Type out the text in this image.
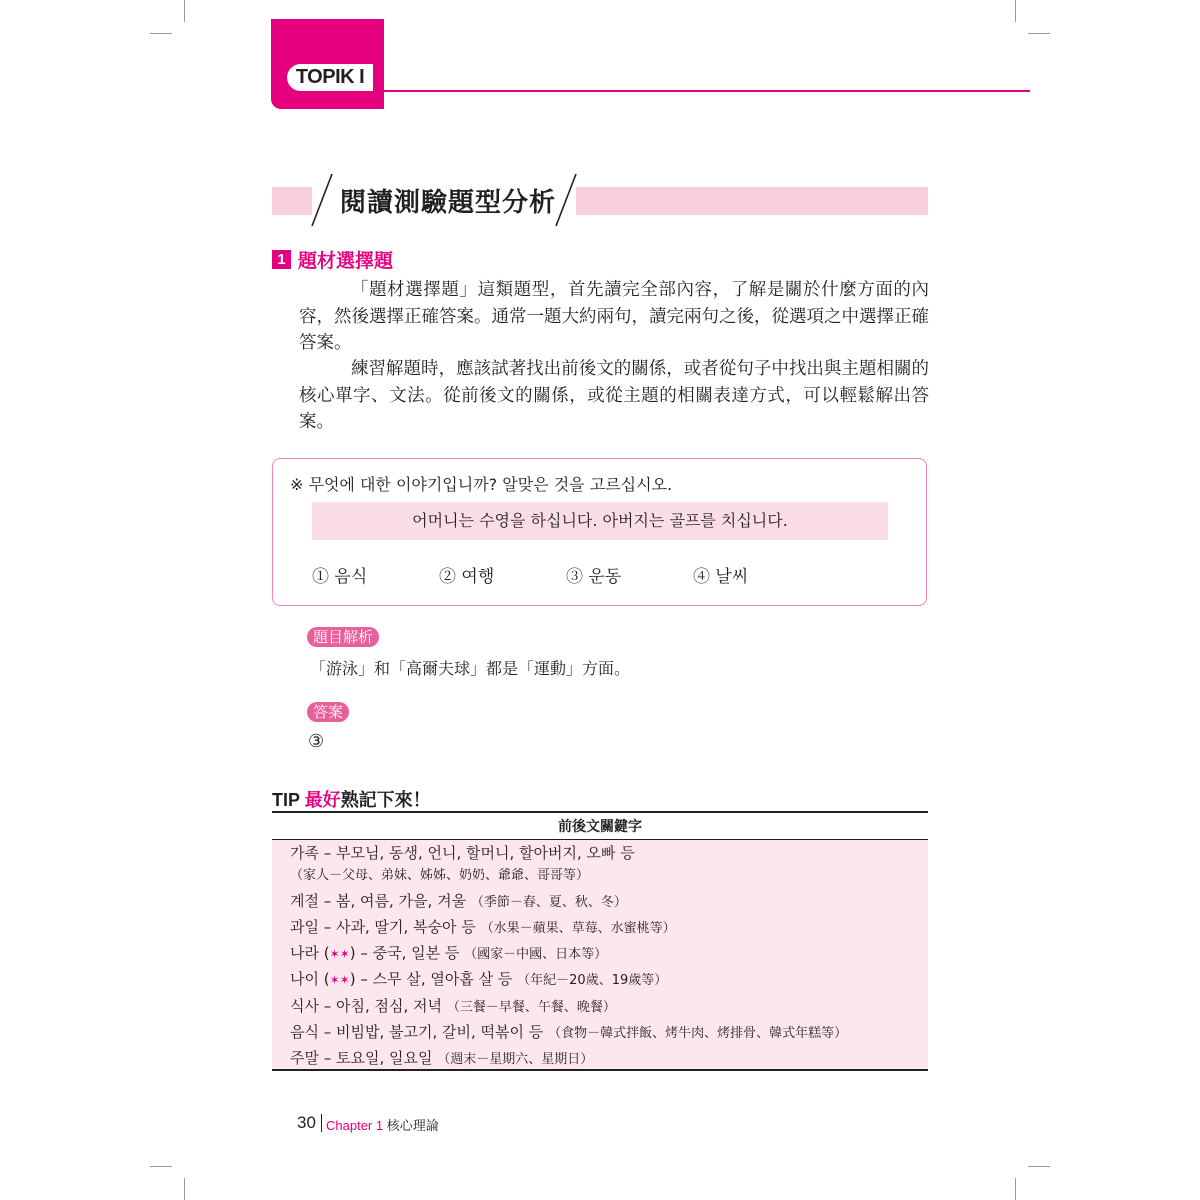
TOPIK I
閱讀測驗題型分析
1 題材選擇題

「題材選擇題」這類題型，首先讀完全部內容，了解是關於什麼方面的內容，然後選擇正確答案。通常一題大約兩句，讀完兩句之後，從選項之中選擇正確答案。

練習解題時，應該試著找出前後文的關係，或者從句子中找出與主題相關的核心單字、文法。從前後文的關係，或從主題的相關表達方式，可以輕鬆解出答案。

※ 무엇에 대한 이야기입니까? 알맞은 것을 고르십시오.
어머니는 수영을 하십니다. 아버지는 골프를 치십니다.
① 음식	② 여행	③ 운동	④ 날씨
題目解析
「游泳」和「高爾夫球」都是「運動」方面。
答案
③
TIP 最好熟記下來！
前後文關鍵字
가족 – 부모님, 동생, 언니, 할머니, 할아버지, 오빠 등
（家人－父母、弟妹、姊姊、奶奶、爺爺、哥哥等）
계절 – 봄, 여름, 가을, 겨울 （季節－春、夏、秋、冬）
과일 – 사과, 딸기, 복숭아 등 （水果－蘋果、草莓、水蜜桃等）
나라 (✶✶) – 중국, 일본 등 （國家－中國、日本等）
나이 (✶✶) – 스무 살, 열아홉 살 등 （年紀－20歲、19歲等）
식사 – 아침, 점심, 저녁 （三餐－早餐、午餐、晚餐）
음식 – 비빔밥, 불고기, 갈비, 떡볶이 등 （食物－韓式拌飯、烤牛肉、烤排骨、韓式年糕等）
주말 – 토요일, 일요일 （週末－星期六、星期日）
30 Chapter 1 核心理論
